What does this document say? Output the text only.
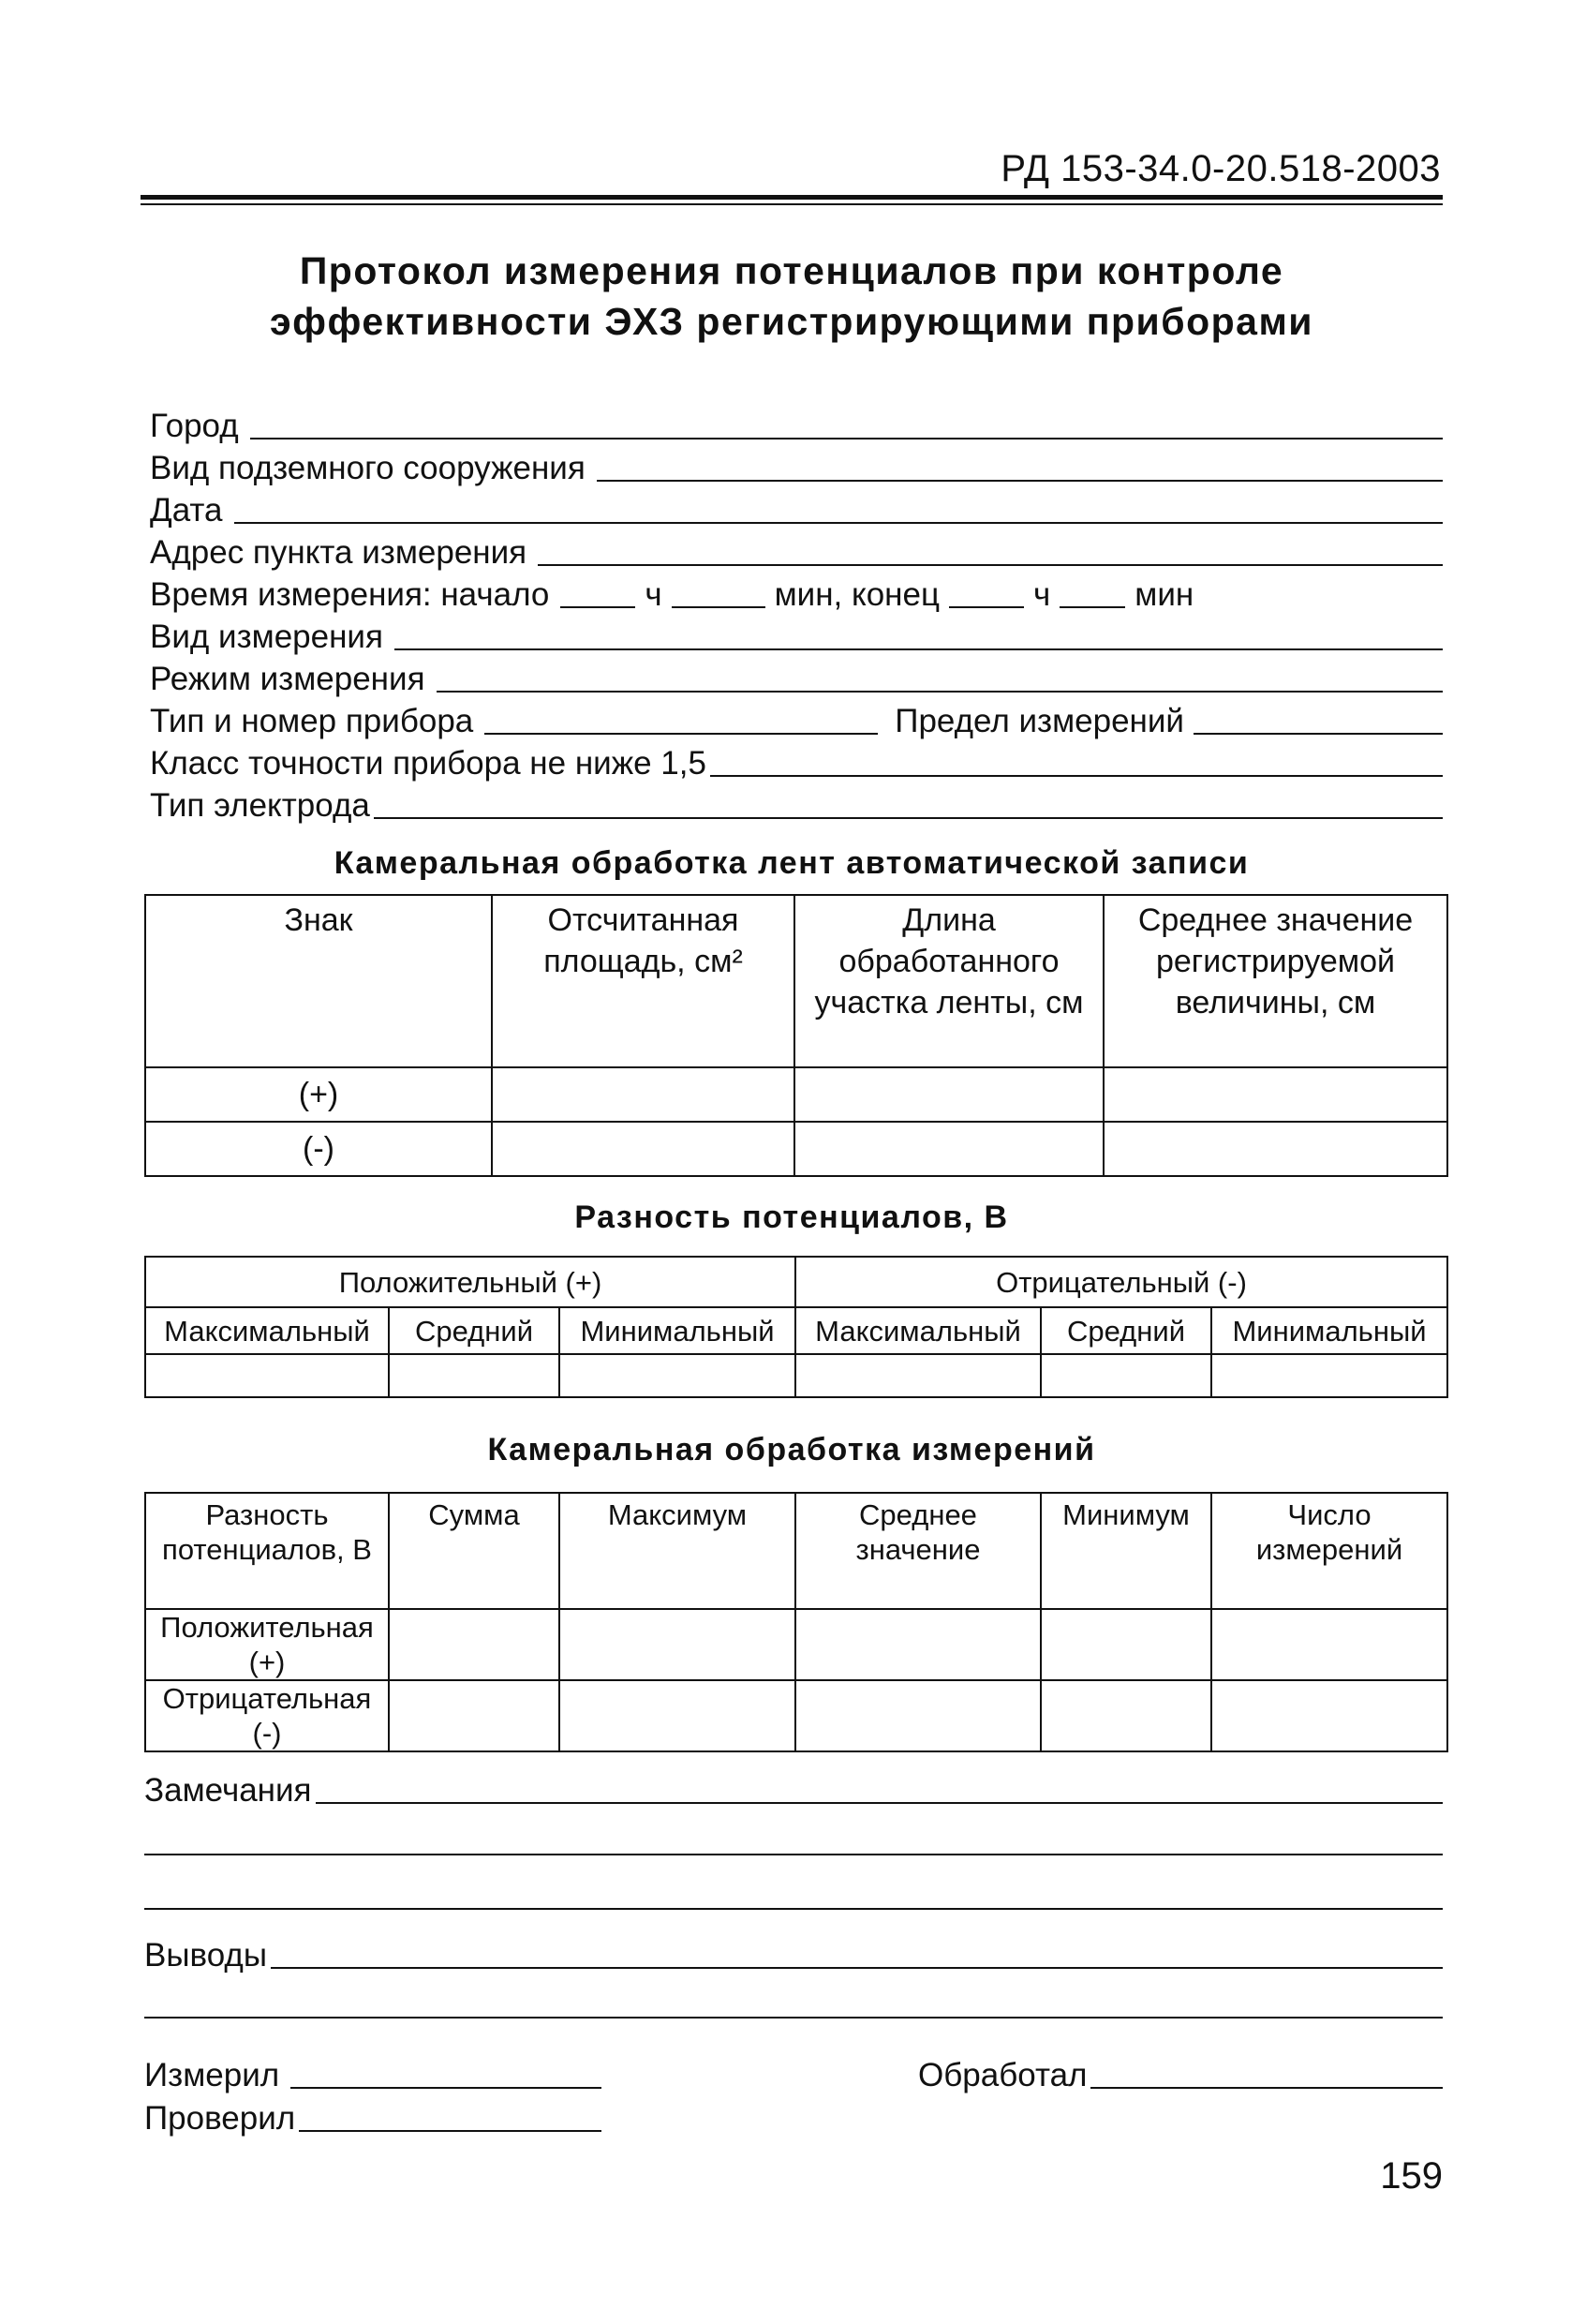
РД 153-34.0-20.518-2003
Протокол измерения потенциалов при контроле
эффективности ЭХЗ регистрирующими приборами
Город
Вид подземного сооружения
Дата
Адрес пункта измерения
Время измерения: начало	ч	мин, конец	ч	мин
Вид измерения
Режим измерения
Тип и номер прибора	Предел измерений
Класс точности прибора не ниже 1,5
Тип электрода
Камеральная обработка лент автоматической записи
Знак	Отсчитанная площадь, см²	Длина обработанного участка ленты, см	Среднее значение регистрируемой величины, см
(+)			
(-)			
Разность потенциалов, В
Положительный (+)			Отрицательный (-)		
Максимальный	Средний	Минимальный	Максимальный	Средний	Минимальный

Камеральная обработка измерений
Разность потенциалов, В	Сумма	Максимум	Среднее значение	Минимум	Число измерений
Положительная (+)					
Отрицательная (-)					
Замечания
Выводы
Измерил	Обработал
Проверил
159
